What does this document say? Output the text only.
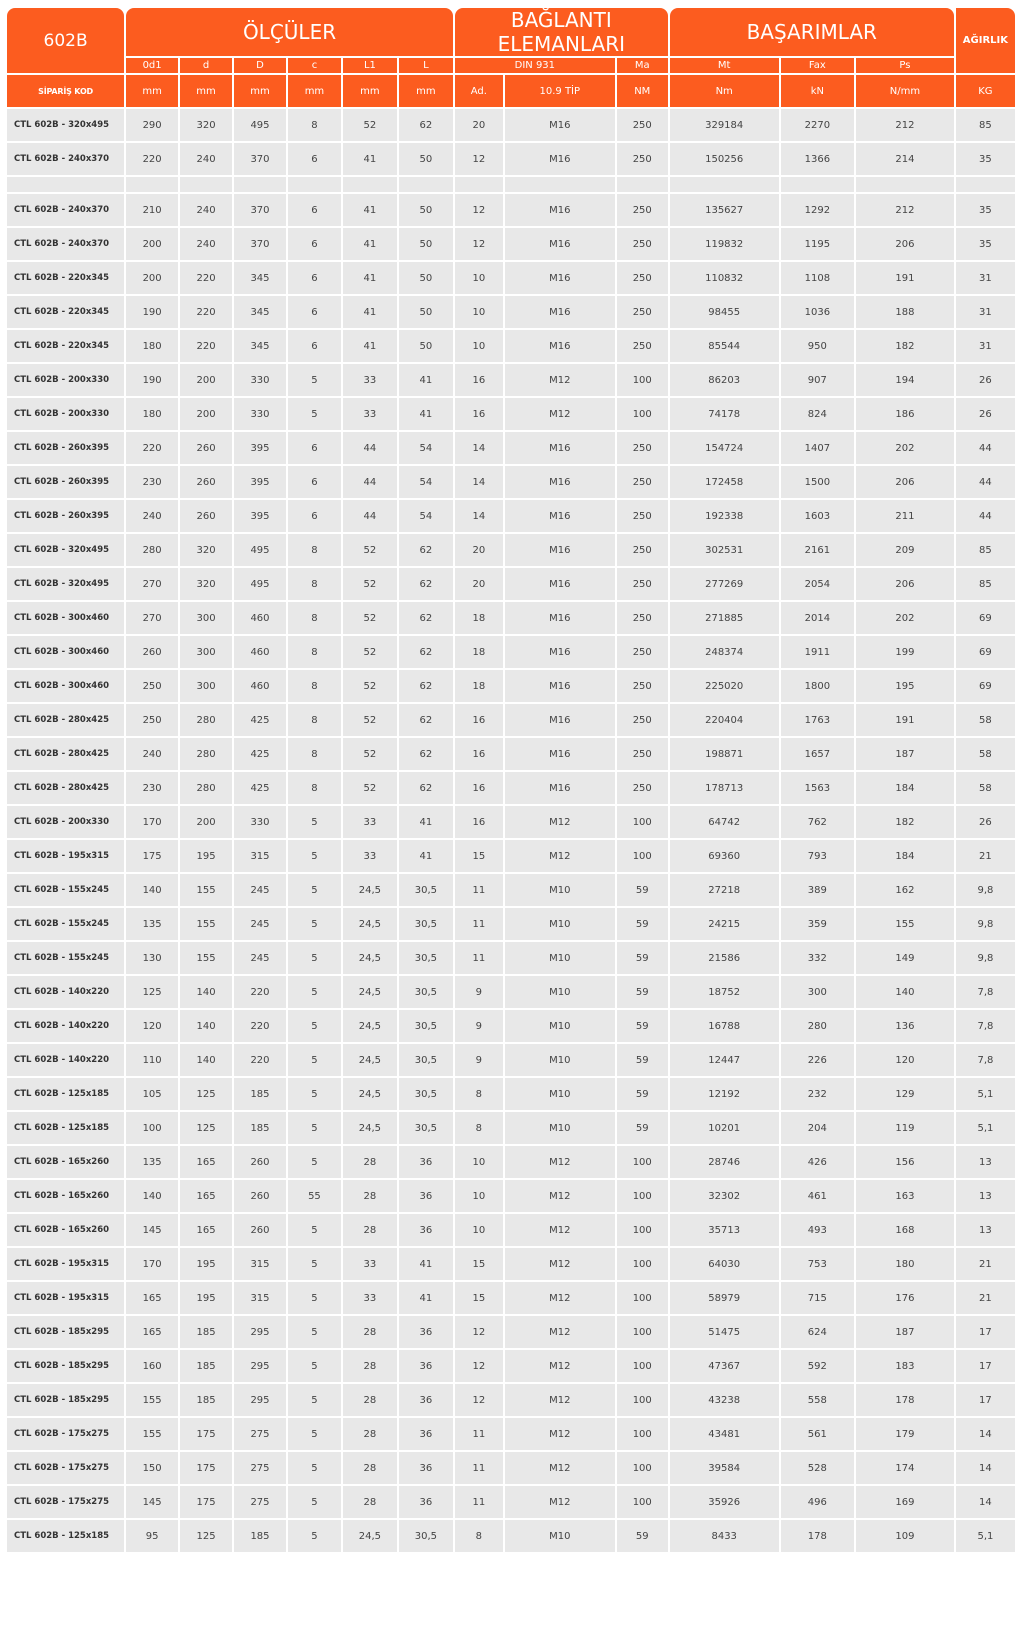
602B	ÖLÇÜLER						BAĞLANTI ELEMANLARI			BAŞARIMLAR			AĞIRLIK
	0d1	d	D	c	L1	L	DIN 931		Ma	Mt	Fax	Ps	
SİPARİŞ KOD	mm	mm	mm	mm	mm	mm	Ad.	10.9 TİP	NM	Nm	kN	N/mm	KG
CTL 602B - 320x495	290	320	495	8	52	62	20	M16	250	329184	2270	212	85
CTL 602B - 240x370	220	240	370	6	41	50	12	M16	250	150256	1366	214	35

CTL 602B - 240x370	210	240	370	6	41	50	12	M16	250	135627	1292	212	35
CTL 602B - 240x370	200	240	370	6	41	50	12	M16	250	119832	1195	206	35
CTL 602B - 220x345	200	220	345	6	41	50	10	M16	250	110832	1108	191	31
CTL 602B - 220x345	190	220	345	6	41	50	10	M16	250	98455	1036	188	31
CTL 602B - 220x345	180	220	345	6	41	50	10	M16	250	85544	950	182	31
CTL 602B - 200x330	190	200	330	5	33	41	16	M12	100	86203	907	194	26
CTL 602B - 200x330	180	200	330	5	33	41	16	M12	100	74178	824	186	26
CTL 602B - 260x395	220	260	395	6	44	54	14	M16	250	154724	1407	202	44
CTL 602B - 260x395	230	260	395	6	44	54	14	M16	250	172458	1500	206	44
CTL 602B - 260x395	240	260	395	6	44	54	14	M16	250	192338	1603	211	44
CTL 602B - 320x495	280	320	495	8	52	62	20	M16	250	302531	2161	209	85
CTL 602B - 320x495	270	320	495	8	52	62	20	M16	250	277269	2054	206	85
CTL 602B - 300x460	270	300	460	8	52	62	18	M16	250	271885	2014	202	69
CTL 602B - 300x460	260	300	460	8	52	62	18	M16	250	248374	1911	199	69
CTL 602B - 300x460	250	300	460	8	52	62	18	M16	250	225020	1800	195	69
CTL 602B - 280x425	250	280	425	8	52	62	16	M16	250	220404	1763	191	58
CTL 602B - 280x425	240	280	425	8	52	62	16	M16	250	198871	1657	187	58
CTL 602B - 280x425	230	280	425	8	52	62	16	M16	250	178713	1563	184	58
CTL 602B - 200x330	170	200	330	5	33	41	16	M12	100	64742	762	182	26
CTL 602B - 195x315	175	195	315	5	33	41	15	M12	100	69360	793	184	21
CTL 602B - 155x245	140	155	245	5	24,5	30,5	11	M10	59	27218	389	162	9,8
CTL 602B - 155x245	135	155	245	5	24,5	30,5	11	M10	59	24215	359	155	9,8
CTL 602B - 155x245	130	155	245	5	24,5	30,5	11	M10	59	21586	332	149	9,8
CTL 602B - 140x220	125	140	220	5	24,5	30,5	9	M10	59	18752	300	140	7,8
CTL 602B - 140x220	120	140	220	5	24,5	30,5	9	M10	59	16788	280	136	7,8
CTL 602B - 140x220	110	140	220	5	24,5	30,5	9	M10	59	12447	226	120	7,8
CTL 602B - 125x185	105	125	185	5	24,5	30,5	8	M10	59	12192	232	129	5,1
CTL 602B - 125x185	100	125	185	5	24,5	30,5	8	M10	59	10201	204	119	5,1
CTL 602B - 165x260	135	165	260	5	28	36	10	M12	100	28746	426	156	13
CTL 602B - 165x260	140	165	260	55	28	36	10	M12	100	32302	461	163	13
CTL 602B - 165x260	145	165	260	5	28	36	10	M12	100	35713	493	168	13
CTL 602B - 195x315	170	195	315	5	33	41	15	M12	100	64030	753	180	21
CTL 602B - 195x315	165	195	315	5	33	41	15	M12	100	58979	715	176	21
CTL 602B - 185x295	165	185	295	5	28	36	12	M12	100	51475	624	187	17
CTL 602B - 185x295	160	185	295	5	28	36	12	M12	100	47367	592	183	17
CTL 602B - 185x295	155	185	295	5	28	36	12	M12	100	43238	558	178	17
CTL 602B - 175x275	155	175	275	5	28	36	11	M12	100	43481	561	179	14
CTL 602B - 175x275	150	175	275	5	28	36	11	M12	100	39584	528	174	14
CTL 602B - 175x275	145	175	275	5	28	36	11	M12	100	35926	496	169	14
CTL 602B - 125x185	95	125	185	5	24,5	30,5	8	M10	59	8433	178	109	5,1
